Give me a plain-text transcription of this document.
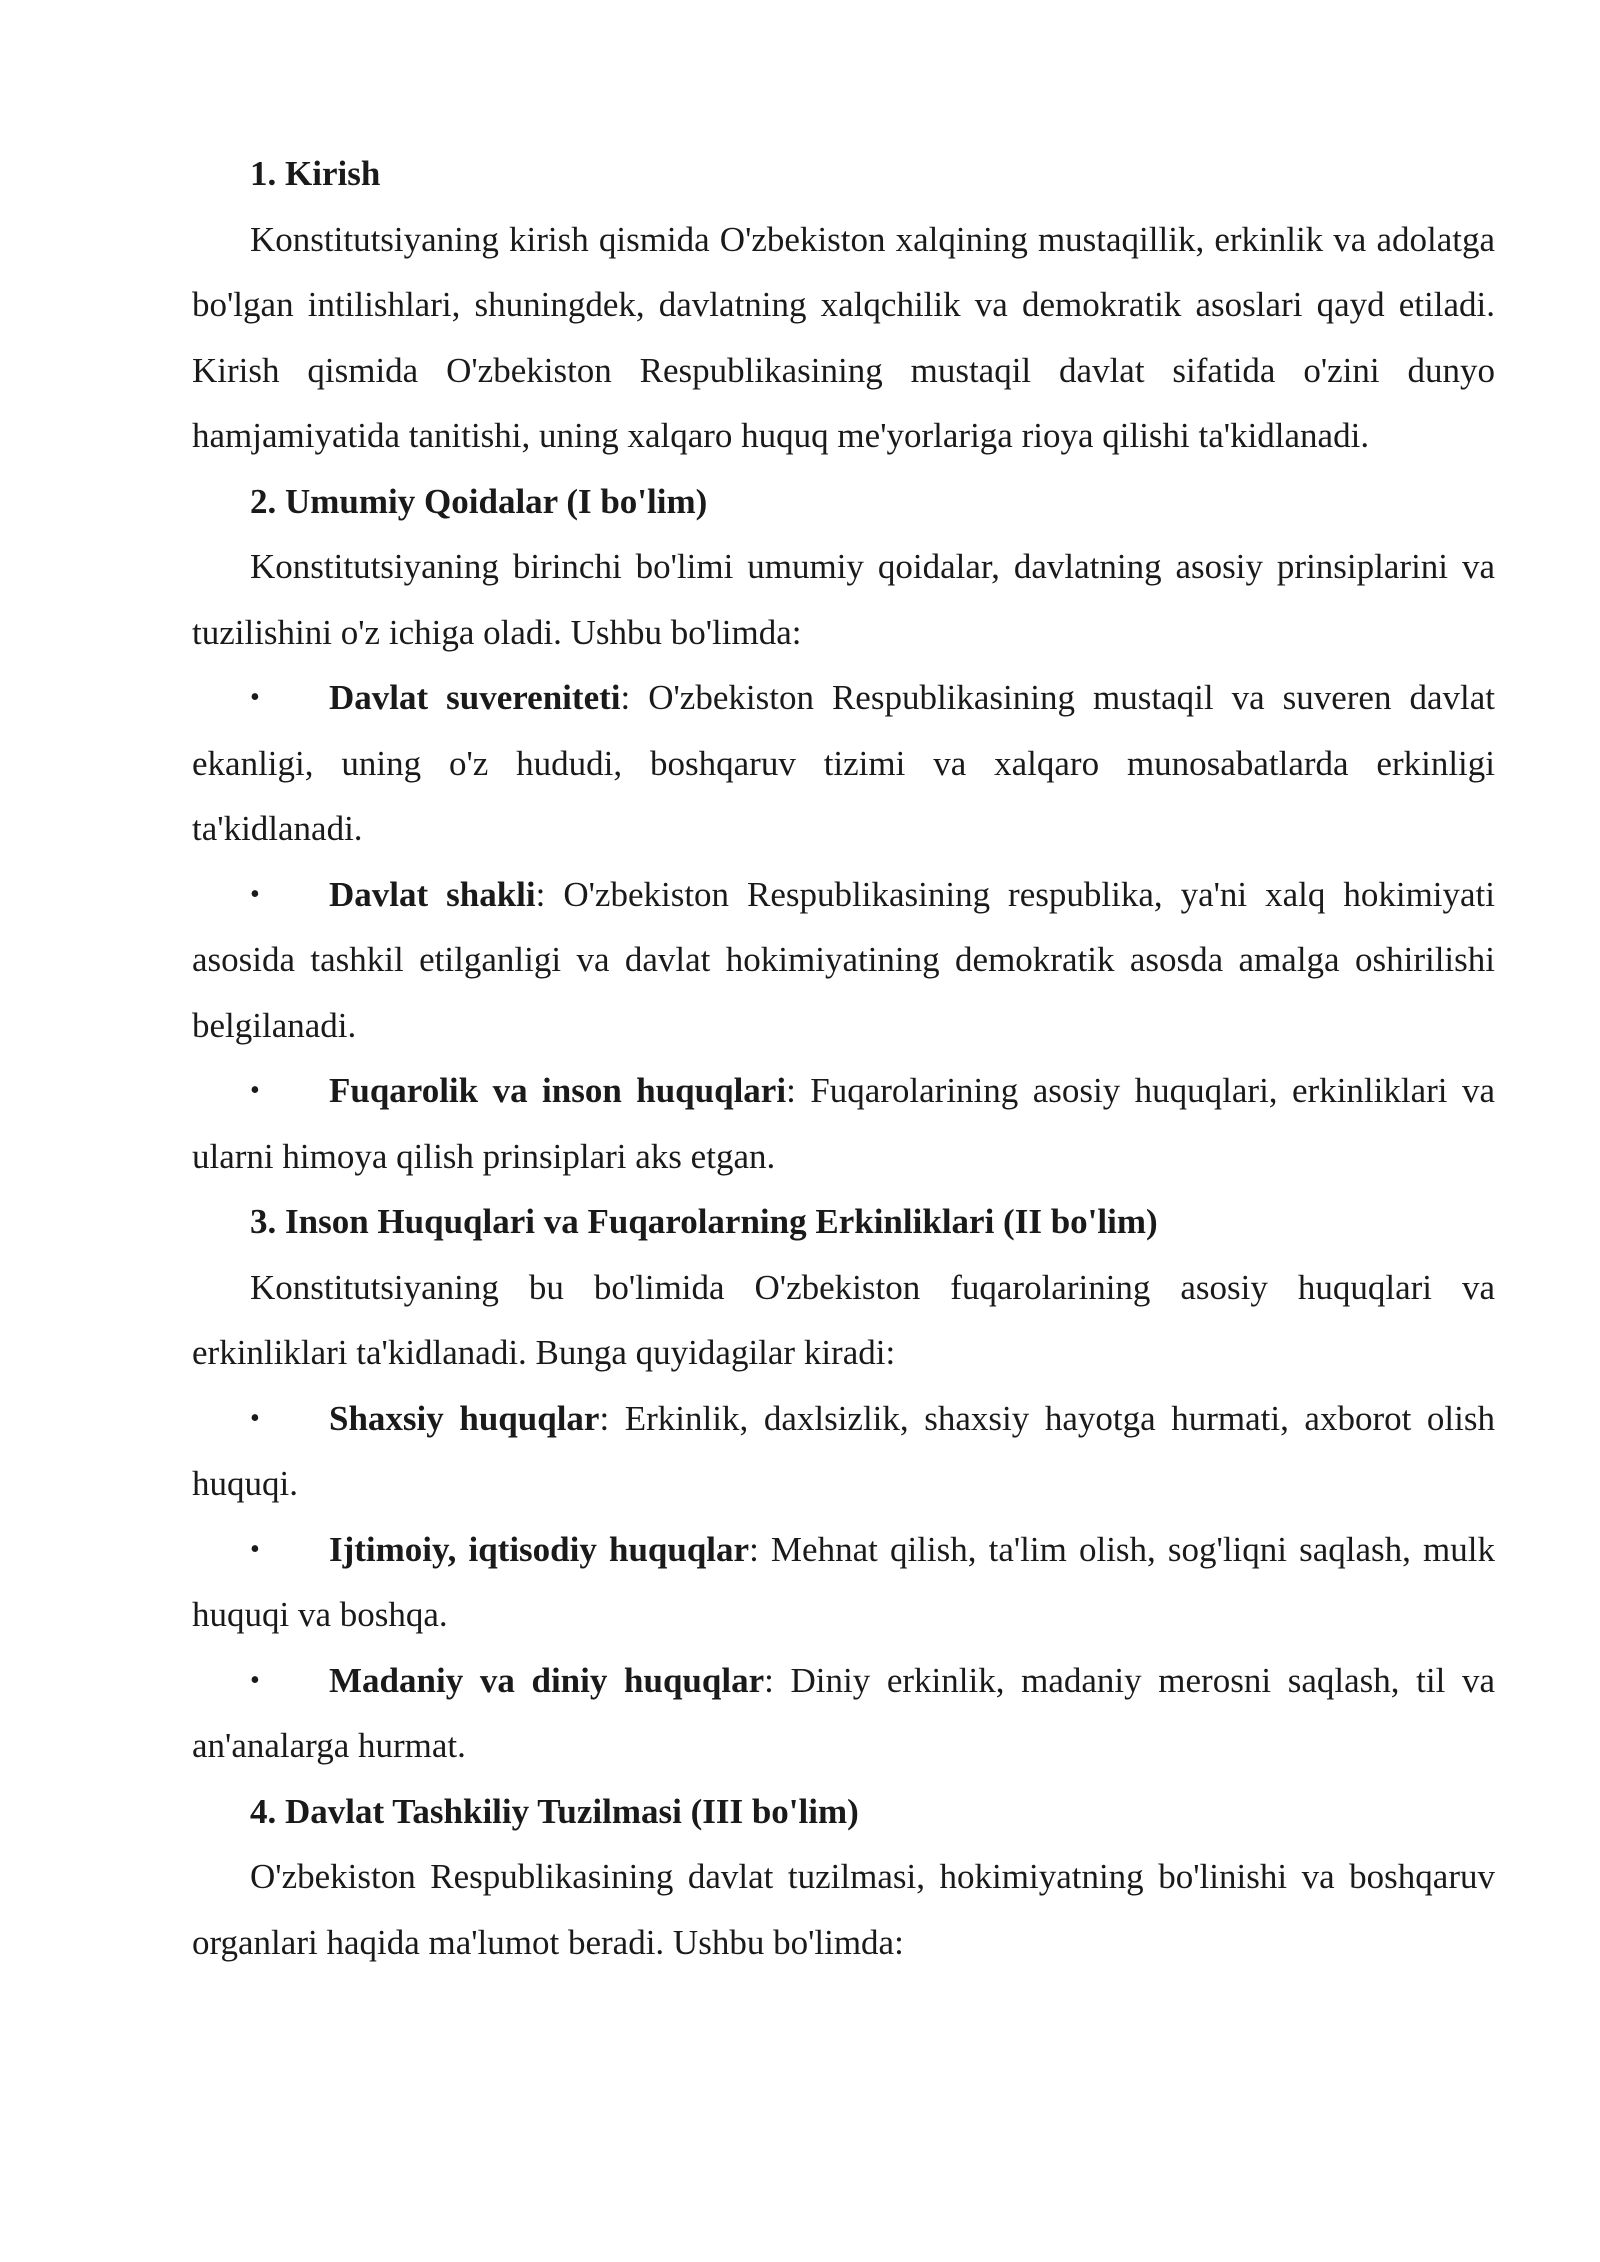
1. Kirish

Konstitutsiyaning kirish qismida O'zbekiston xalqining mustaqillik, erkinlik va adolatga bo'lgan intilishlari, shuningdek, davlatning xalqchilik va demokratik asoslari qayd etiladi. Kirish qismida O'zbekiston Respublikasining mustaqil davlat sifatida o'zini dunyo hamjamiyatida tanitishi, uning xalqaro huquq me'yorlariga rioya qilishi ta'kidlanadi.

2. Umumiy Qoidalar (I bo'lim)

Konstitutsiyaning birinchi bo'limi umumiy qoidalar, davlatning asosiy prinsiplarini va tuzilishini o'z ichiga oladi. Ushbu bo'limda:

• Davlat suvereniteti: O'zbekiston Respublikasining mustaqil va suveren davlat ekanligi, uning o'z hududi, boshqaruv tizimi va xalqaro munosabatlarda erkinligi ta'kidlanadi.

• Davlat shakli: O'zbekiston Respublikasining respublika, ya'ni xalq hokimiyati asosida tashkil etilganligi va davlat hokimiyatining demokratik asosda amalga oshirilishi belgilanadi.

• Fuqarolik va inson huquqlari: Fuqarolarining asosiy huquqlari, erkinliklari va ularni himoya qilish prinsiplari aks etgan.

3. Inson Huquqlari va Fuqarolarning Erkinliklari (II bo'lim)

Konstitutsiyaning bu bo'limida O'zbekiston fuqarolarining asosiy huquqlari va erkinliklari ta'kidlanadi. Bunga quyidagilar kiradi:

• Shaxsiy huquqlar: Erkinlik, daxlsizlik, shaxsiy hayotga hurmati, axborot olish huquqi.

• Ijtimoiy, iqtisodiy huquqlar: Mehnat qilish, ta'lim olish, sog'liqni saqlash, mulk huquqi va boshqa.

• Madaniy va diniy huquqlar: Diniy erkinlik, madaniy merosni saqlash, til va an'analarga hurmat.

4. Davlat Tashkiliy Tuzilmasi (III bo'lim)

O'zbekiston Respublikasining davlat tuzilmasi, hokimiyatning bo'linishi va boshqaruv organlari haqida ma'lumot beradi. Ushbu bo'limda:
